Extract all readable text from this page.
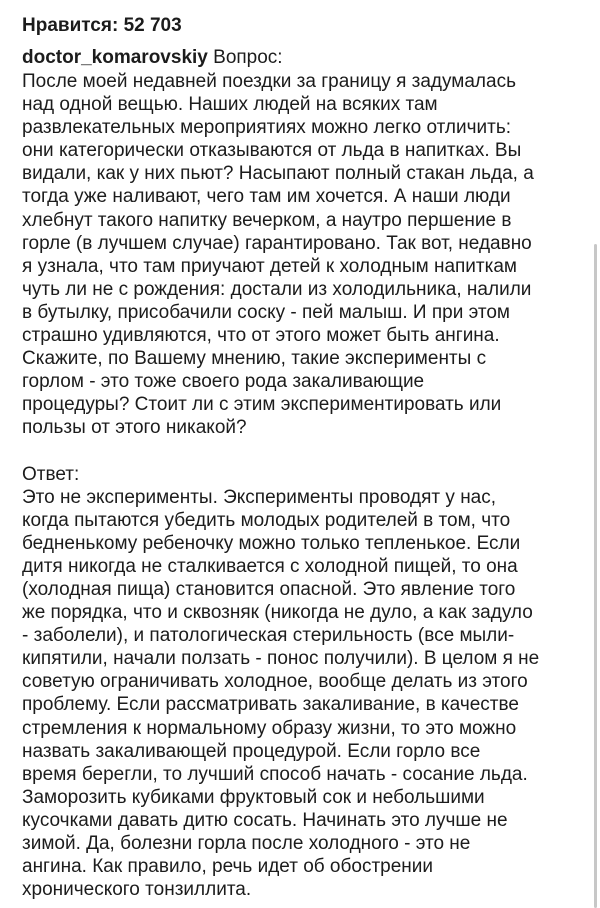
Нравится: 52 703
doctor_komarovskiy Вопрос:

После моей недавней поездки за границу я задумалась
над одной вещью. Наших людей на всяких там
развлекательных мероприятиях можно легко отличить:
они категорически отказываются от льда в напитках. Вы
видали, как у них пьют? Насыпают полный стакан льда, а
тогда уже наливают, чего там им хочется. А наши люди
хлебнут такого напитку вечерком, а наутро першение в
горле (в лучшем случае) гарантировано. Так вот, недавно
я узнала, что там приучают детей к холодным напиткам
чуть ли не с рождения: достали из холодильника, налили
в бутылку, присобачили соску - пей малыш. И при этом
страшно удивляются, что от этого может быть ангина.
Скажите, по Вашему мнению, такие эксперименты с
горлом - это тоже своего рода закаливающие
процедуры? Стоит ли с этим экспериментировать или
пользы от этого никакой?

Ответ:

Это не эксперименты. Эксперименты проводят у нас,
когда пытаются убедить молодых родителей в том, что
бедненькому ребеночку можно только тепленькое. Если
дитя никогда не сталкивается с холодной пищей, то она
(холодная пища) становится опасной. Это явление того
же порядка, что и сквозняк (никогда не дуло, а как задуло
- заболели), и патологическая стерильность (все мыли-
кипятили, начали ползать - понос получили). В целом я не
советую ограничивать холодное, вообще делать из этого
проблему. Если рассматривать закаливание, в качестве
стремления к нормальному образу жизни, то это можно
назвать закаливающей процедурой. Если горло все
время берегли, то лучший способ начать - сосание льда.
Заморозить кубиками фруктовый сок и небольшими
кусочками давать дитю сосать. Начинать это лучше не
зимой. Да, болезни горла после холодного - это не
ангина. Как правило, речь идет об обострении
хронического тонзиллита.
